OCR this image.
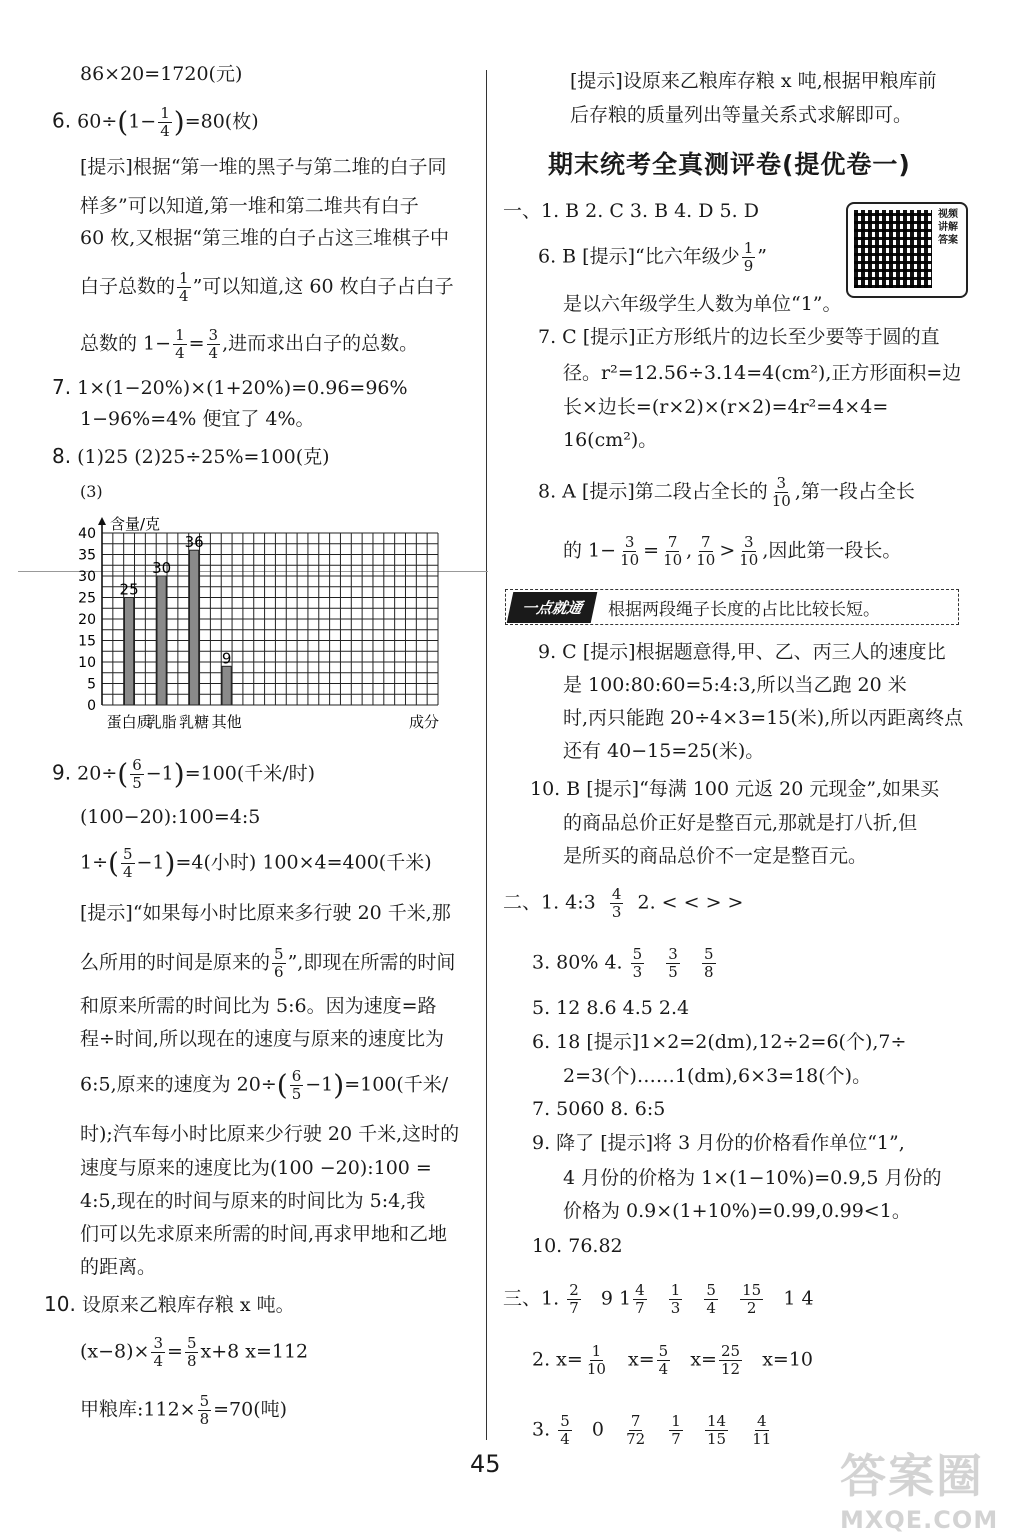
86×20=1720(元)
6. $60\div(1- \frac{1}{4} )=80$(枚)
[提示]根据“第一堆的黑子与第二堆的白子同
样多”可以知道,第一堆和第二堆共有白子
60 枚,又根据“第三堆的白子占这三堆棋子中
白子总数的 $\frac{1}{4}$ ”可以知道,这 60 枚白子占白子
总数的 $1- \frac{1}{4} = \frac{3}{4}$ ,进而求出白子的总数。
7. 1×(1−20%)×(1+20%)=0.96=96%
1−96%=4% 便宜了 4%。
8. (1)25 (2)25÷25%=100(克)
(3)
含量/克
0
5
10
15
20
25
30
35
40
25
蛋白质
30
乳脂
36
乳糖
9
其他	成分
9. $20\div( \frac{6}{5} -1)=100$(千米/时)
(100−20):100=4:5
$1\div( \frac{5}{4} -1)=4$(小时) 100×4=400(千米)
[提示]“如果每小时比原来多行驶 20 千米,那
么所用的时间是原来的 $\frac{5}{6}$ ”,即现在所需的时间
和原来所需的时间比为 5:6。因为速度=路
程÷时间,所以现在的速度与原来的速度比为
6:5,原来的速度为 $20\div( \frac{6}{5} -1)=100$(千米/
时);汽车每小时比原来少行驶 20 千米,这时的
速度与原来的速度比为(100 −20):100 =
4:5,现在的时间与原来的时间比为 5:4,我
们可以先求原来所需的时间,再求甲地和乙地
的距离。
10. 设原来乙粮库存粮 x 吨。
$(x-8)\times \frac{3}{4} = \frac{5}{8} x+8$ x=112
甲粮库:112× $\frac{5}{8} =70$(吨)
[提示]设原来乙粮库存粮 x 吨,根据甲粮库前
后存粮的质量列出等量关系式求解即可。
期末统考全真测评卷(提优卷一)
视频讲解答案
一、1. B 2. C 3. B 4. D 5. D
6. B [提示]“比六年级少 $\frac{1}{9}$ ”
是以六年级学生人数为单位“1”。
7. C [提示]正方形纸片的边长至少要等于圆的直
径。r²=12.56÷3.14=4(cm²),正方形面积=边
长×边长=(r×2)×(r×2)=4r²=4×4=
16(cm²)。
8. A [提示]第二段占全长的 $\frac{3}{10}$ ,第一段占全长
的 $1- \frac{3}{10} = \frac{7}{10}$ , $\frac{7}{10} > \frac{3}{10}$ ,因此第一段长。
一点就通	根据两段绳子长度的占比比较长短。
9. C [提示]根据题意得,甲、乙、丙三人的速度比
是 100:80:60=5:4:3,所以当乙跑 20 米
时,丙只能跑 20÷4×3=15(米),所以丙距离终点
还有 40−15=25(米)。
10. B [提示]“每满 100 元返 20 元现金”,如果买
的商品总价正好是整百元,那就是打八折,但
是所买的商品总价不一定是整百元。
二、1. 4:3 $\frac{4}{3} 2$. < < > >
3. 80% 4. $\frac{5}{3}$
$\frac{3}{5}$
$\frac{5}{8}$
5. 12 8.6 4.5 2.4
6. 18 [提示]1×2=2(dm),12÷2=6(个),7÷
2=3(个)……1(dm),6×3=18(个)。
7. 5060 8. 6:5
9. 降了 [提示]将 3 月份的价格看作单位“1”,
4 月份的价格为 1×(1−10%)=0.9,5 月份的
价格为 0.9×(1+10%)=0.99,0.99<1。
10. 76.82
三、1. $\frac{2}{7} 9$ $1 \frac{4}{7}$
$\frac{1}{3}$
$\frac{5}{4}$
$\frac{15}{2} 1$ 4
2. $x= \frac{1}{10} x= \frac{5}{4} x= \frac{25}{12} x=10$
3. $\frac{5}{4} 0 \frac{7}{72}$
$\frac{1}{7}$
$\frac{14}{15}$
$\frac{4}{11}$
45	答案圈
MXQE.COM
